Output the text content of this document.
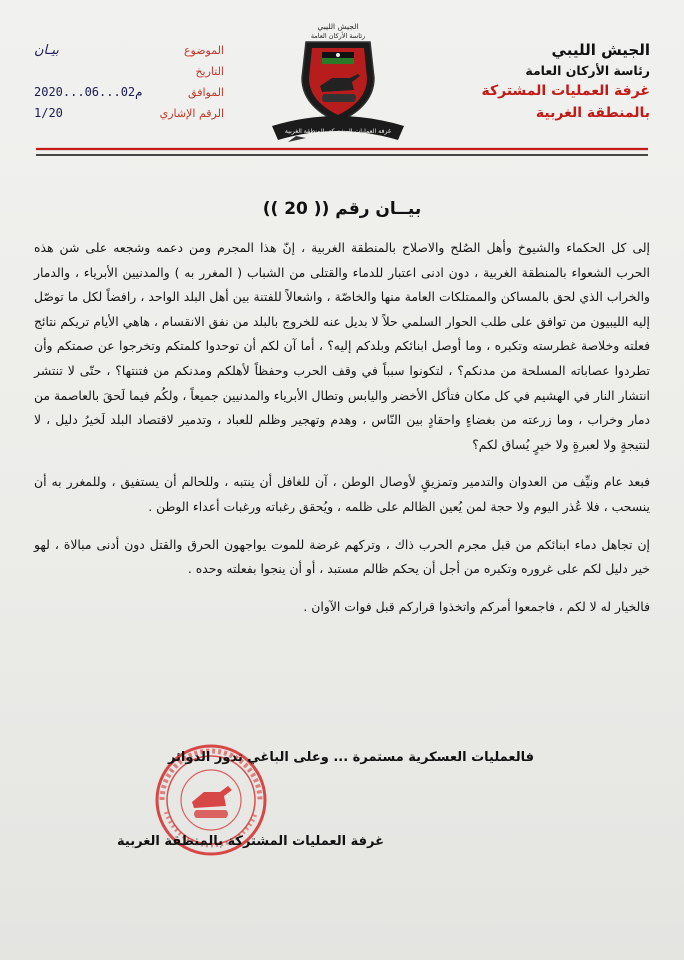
الجيش الليبي
رئاسة الأركان العامة
غرفة العمليات المشتركة بالمنطقة الغربية
الجيش الليبي
رئاسة الأركان العامة
غرفة العمليات المشتركة بالمنطقة الغربية
الموضوع
بيـان
التاريخ
الموافق
2020...06...02م
الرقم الإشاري
1/20
بيــان رقم (( 20 ))

إلى كل الحكماء والشيوخ وأهل الصُلح والاصلاح بالمنطقة الغربية ، إنّ هذا المجرم ومن دعمه وشجعه على شن هذه الحرب الشعواء بالمنطقة الغربية ، دون ادنى اعتبار للدماء والقتلى من الشباب ( المغرر به ) والمدنيين الأبرياء ، والدمار والخراب الذي لحق بالمساكن والممتلكات العامة منها والخاصّة ، واشعالاً للفتنة بين أهل البلد الواحد ، رافضاً لكل ما توصّل إليه الليبيون من توافق على طلب الحوار السلمي حلاً لا بديل عنه للخروج بالبلد من نفق الانقسام ، هاهي الأيام تريكم نتائج فعلته وخلاصة غطرسته وتكبره ، وما أوصل ابنائكم وبلدكم إليه؟ ، أما آن لكم أن توحدوا كلمتكم وتخرجوا عن صمتكم وأن تطردوا عصاباته المسلحة من مدنكم؟ ، لتكونوا سبباً في وقف الحرب وحفظاً لأهلكم ومدنكم من فتنتها؟ ، حتّى لا تنتشر انتشار النار في الهشيم في كل مكان فتأكل الأخضر واليابس وتطال الأبرياء والمدنيين جميعاً ، ولكُم فيما لَحقَ بالعاصمة من دمار وخراب ، وما زرعته من بغضاءٍ واحقادٍ بين النّاس ، وهدم وتهجير وظلم للعباد ، وتدمير لاقتصاد البلد لَخيرُ دليل ، لا لنتيجةٍ ولا لعبرةٍ ولا خيرٍ يُساق لكم؟

فبعد عام ونيِّف من العدوان والتدمير وتمزيقٍ لأوصال الوطن ، آن للغافل أن ينتبه ، وللحالم أن يستفيق ، وللمغرر به أن ينسحب ، فلا عُذر اليوم ولا حجة لمن يُعين الظالم على ظلمه ، ويُحقق رغباته ورغبات أعداء الوطن .

إن تجاهل دماء ابنائكم من قبل مجرم الحرب ذاك ، وتركهم غرضة للموت يواجهون الحرق والقتل دون أدنى مبالاة ، لهو خير دليل لكم على غروره وتكبره من أجل أن يحكم ظالم مستبد ، أو أن ينجوا بفعلته وحده .

فالخيار له لا لكم ، فاجمعوا أمركم واتخذوا قراركم قبل فوات الآوان .

فالعمليات العسكرية مستمرة ... وعلى الباغي تدور الدوائر
غرفة العمليات المشتركة بالمنطقة الغربية
